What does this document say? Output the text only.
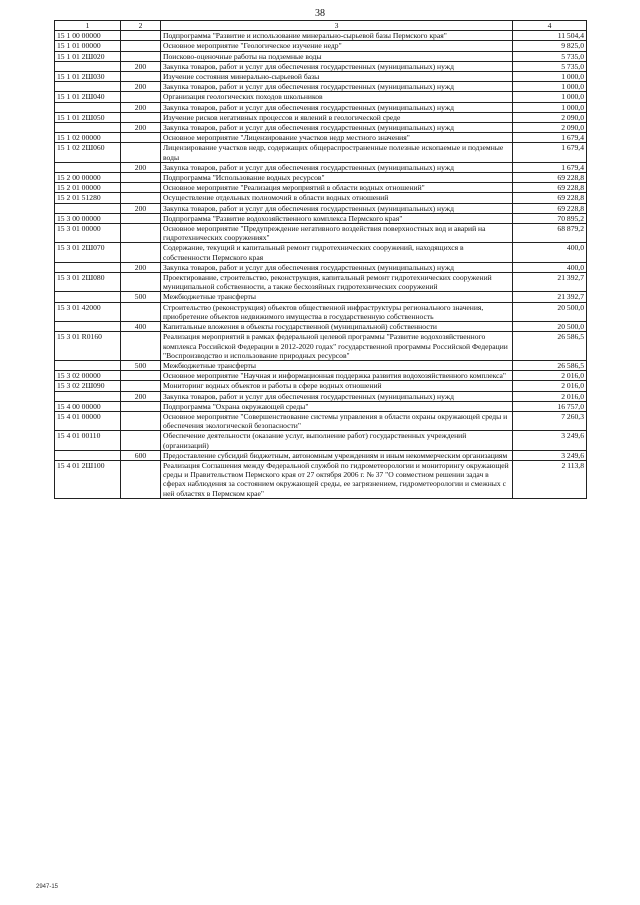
38
1	2	3	4
15 1 00 00000		Подпрограмма "Развитие и использование минерально-сырьевой базы Пермского края"	11 504,4
15 1 01 00000		Основное мероприятие "Геологическое изучение недр"	9 825,0
15 1 01 2Ш020		Поисково-оценочные работы на подземные воды	5 735,0
	200	Закупка товаров, работ и услуг для обеспечения государственных (муниципальных) нужд	5 735,0
15 1 01 2Ш030		Изучение состояния минерально-сырьевой базы	1 000,0
	200	Закупка товаров, работ и услуг для обеспечения государственных (муниципальных) нужд	1 000,0
15 1 01 2Ш040		Организация геологических походов школьников	1 000,0
	200	Закупка товаров, работ и услуг для обеспечения государственных (муниципальных) нужд	1 000,0
15 1 01 2Ш050		Изучение рисков негативных процессов и явлений в геологической среде	2 090,0
	200	Закупка товаров, работ и услуг для обеспечения государственных (муниципальных) нужд	2 090,0
15 1 02 00000		Основное мероприятие "Лицензирование участков недр местного значения"	1 679,4
15 1 02 2Ш060		Лицензирование участков недр, содержащих общераспространенные полезные ископаемые и подземные воды	1 679,4
	200	Закупка товаров, работ и услуг для обеспечения государственных (муниципальных) нужд	1 679,4
15 2 00 00000		Подпрограмма "Использование водных ресурсов"	69 228,8
15 2 01 00000		Основное мероприятие "Реализация мероприятий в области водных отношений"	69 228,8
15 2 01 51280		Осуществление отдельных полномочий в области водных отношений	69 228,8
	200	Закупка товаров, работ и услуг для обеспечения государственных (муниципальных) нужд	69 228,8
15 3 00 00000		Подпрограмма "Развитие водохозяйственного комплекса Пермского края"	70 895,2
15 3 01 00000		Основное мероприятие "Предупреждение негативного воздействия поверхностных вод и аварий на гидротехнических сооружениях"	68 879,2
15 3 01 2Ш070		Содержание, текущий и капитальный ремонт гидротехнических сооружений, находящихся в собственности Пермского края	400,0
	200	Закупка товаров, работ и услуг для обеспечения государственных (муниципальных) нужд	400,0
15 3 01 2Ш080		Проектирование, строительство, реконструкция, капитальный ремонт гидротехнических сооружений муниципальной собственности, а также бесхозяйных гидротехнических сооружений	21 392,7
	500	Межбюджетные трансферты	21 392,7
15 3 01 42000		Строительство (реконструкция) объектов общественной инфраструктуры регионального значения, приобретение объектов недвижимого имущества в государственную собственность	20 500,0
	400	Капитальные вложения в объекты государственной (муниципальной) собственности	20 500,0
15 3 01 R0160		Реализация мероприятий в рамках федеральной целевой программы "Развитие водохозяйственного комплекса Российской Федерации в 2012-2020 годах" государственной программы Российской Федерации "Воспроизводство и использование природных ресурсов"	26 586,5
	500	Межбюджетные трансферты	26 586,5
15 3 02 00000		Основное мероприятие "Научная и информационная поддержка развития водохозяйственного комплекса"	2 016,0
15 3 02 2Ш090		Мониторинг водных объектов и работы в сфере водных отношений	2 016,0
	200	Закупка товаров, работ и услуг для обеспечения государственных (муниципальных) нужд	2 016,0
15 4 00 00000		Подпрограмма "Охрана окружающей среды"	16 757,0
15 4 01 00000		Основное мероприятие "Совершенствование системы управления в области охраны окружающей среды и обеспечения экологической безопасности"	7 260,3
15 4 01 00110		Обеспечение деятельности (оказание услуг, выполнение работ) государственных учреждений (организаций)	3 249,6
	600	Предоставление субсидий бюджетным, автономным учреждениям и иным некоммерческим организациям	3 249,6
15 4 01 2Ш100		Реализация Соглашения между Федеральной службой по гидрометеорологии и мониторингу окружающей среды и Правительством Пермского края от 27 октября 2006 г. № 37 "О совместном решении задач в сферах наблюдения за состоянием окружающей среды, ее загрязнением, гидрометеорологии и смежных с ней областях в Пермском крае"	2 113,8
2947-15
